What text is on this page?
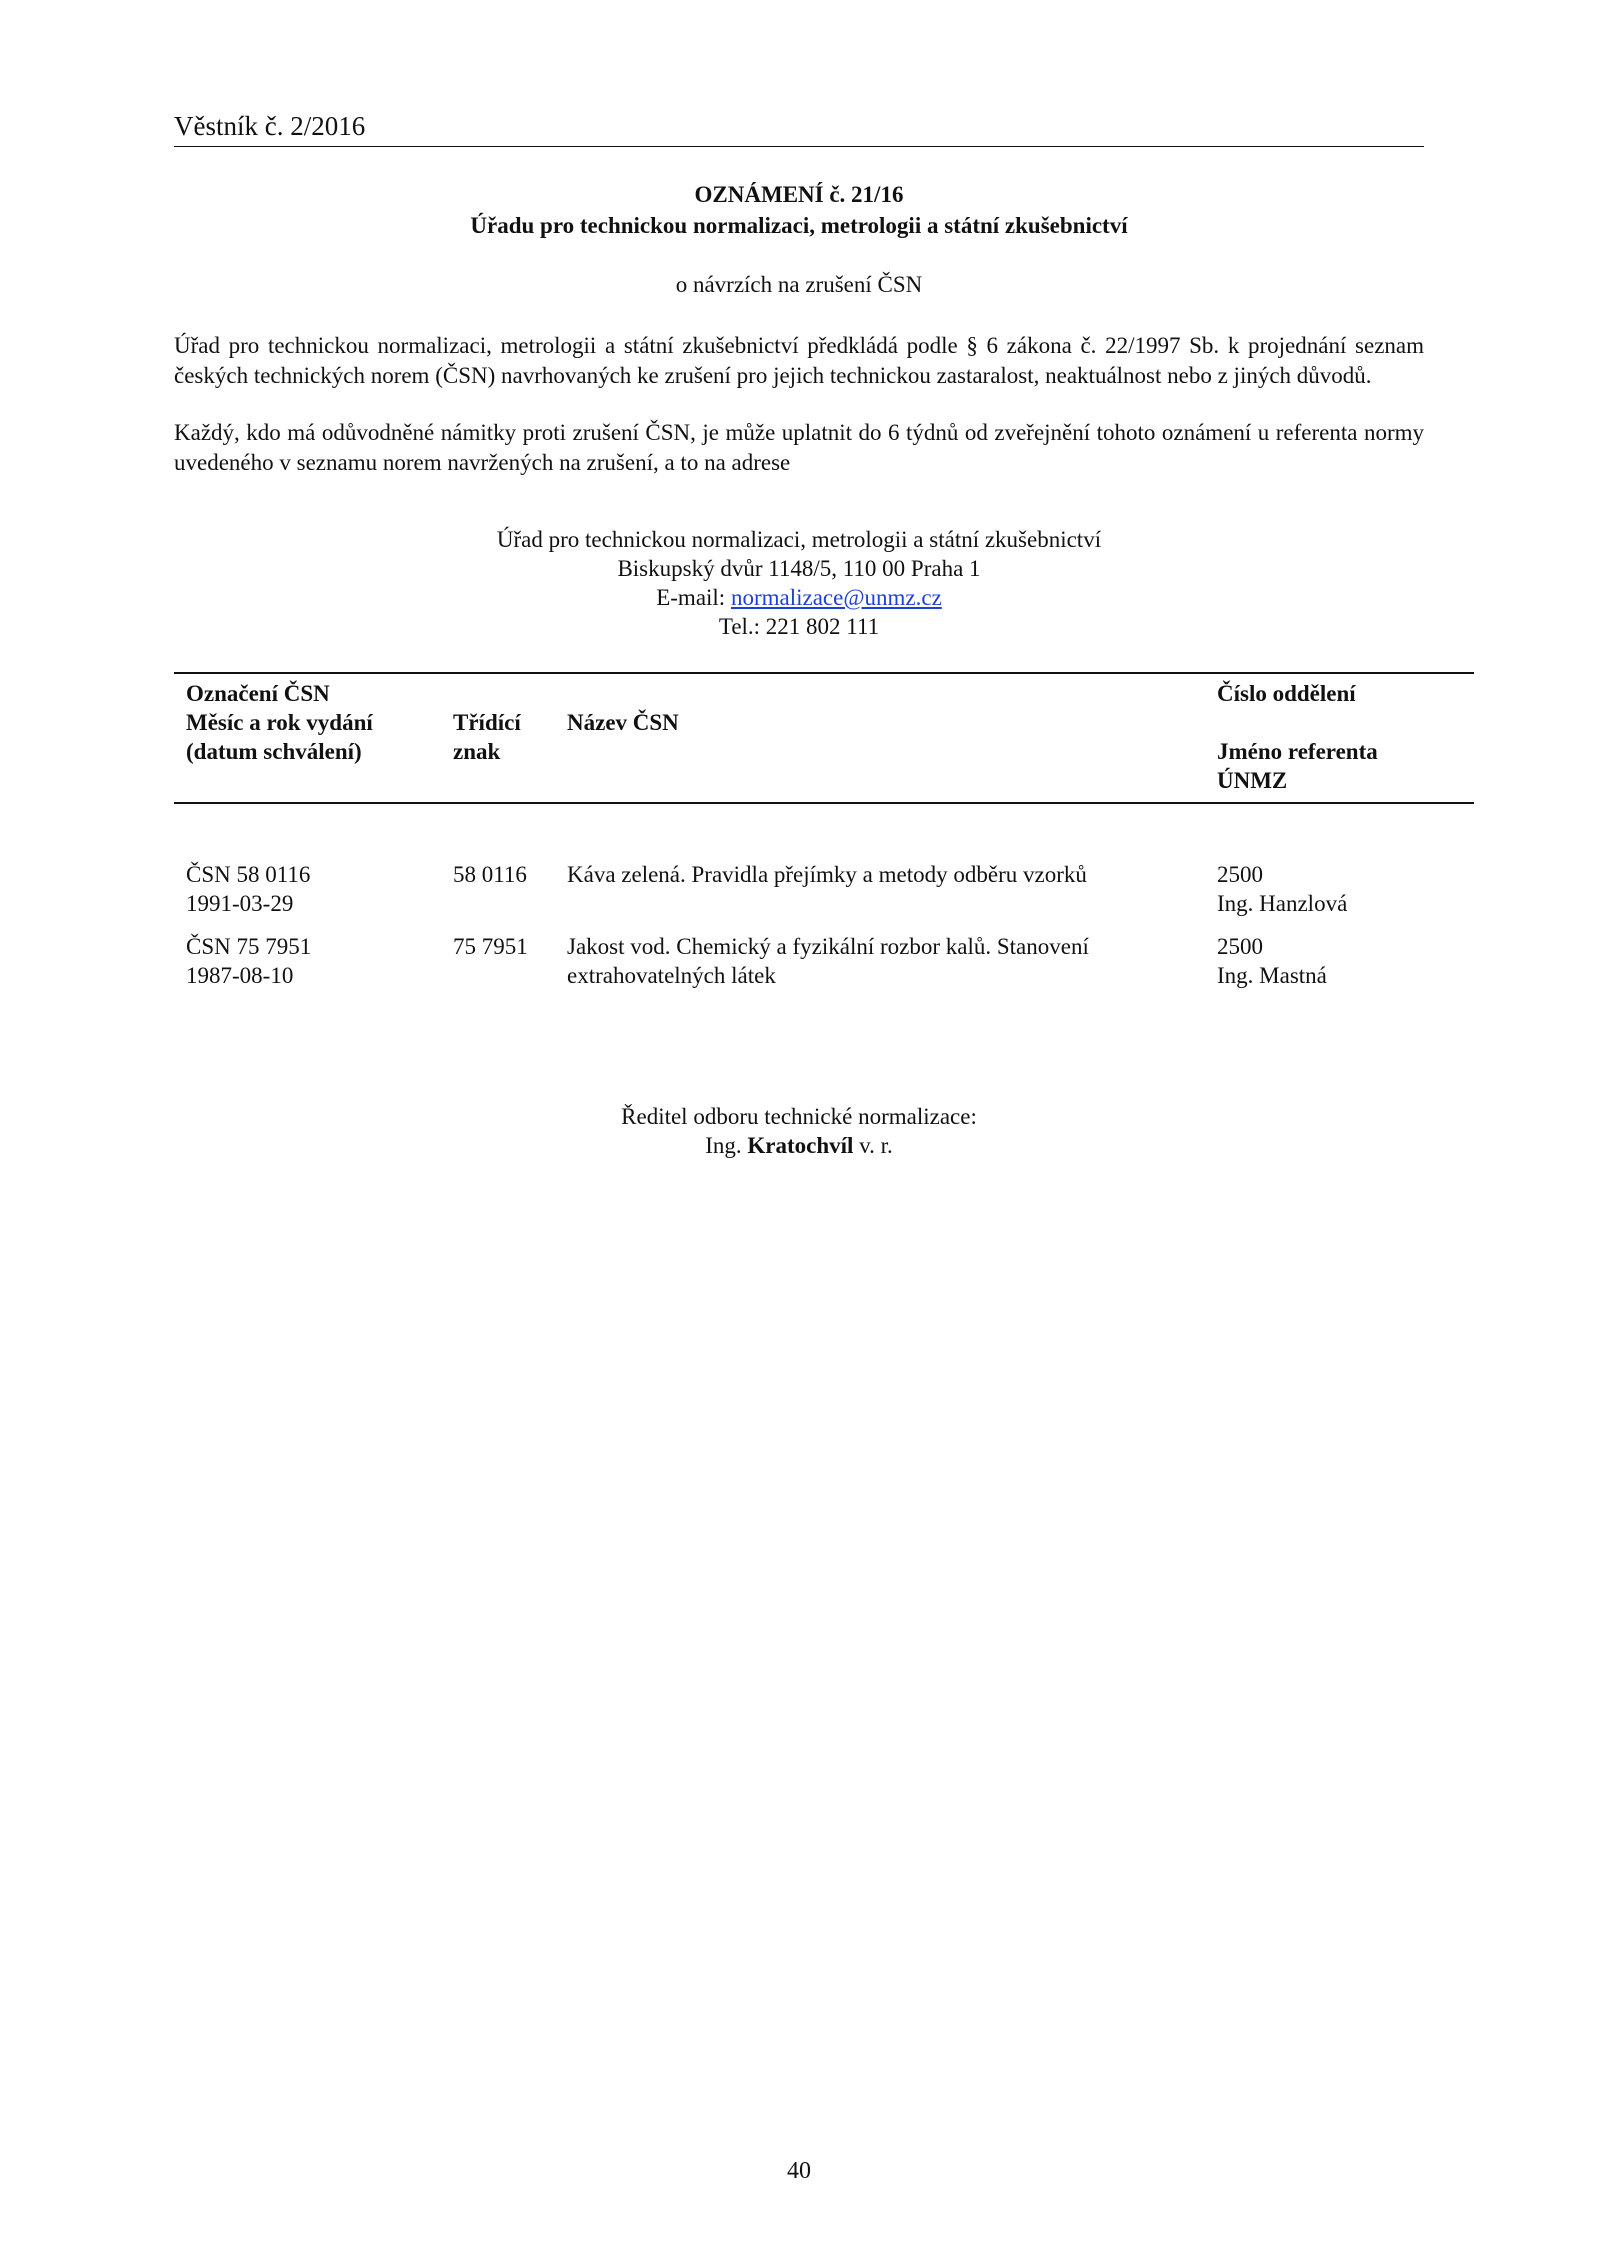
Věstník č. 2/2016
OZNÁMENÍ č. 21/16
Úřadu pro technickou normalizaci, metrologii a státní zkušebnictví
o návrzích na zrušení ČSN
Úřad pro technickou normalizaci, metrologii a státní zkušebnictví předkládá podle § 6 zákona č. 22/1997 Sb. k projednání seznam českých technických norem (ČSN) navrhovaných ke zrušení pro jejich technickou zastaralost, neaktuálnost nebo z jiných důvodů.
Každý, kdo má odůvodněné námitky proti zrušení ČSN, je může uplatnit do 6 týdnů od zveřejnění tohoto oznámení u referenta normy uvedeného v seznamu norem navržených na zrušení, a to na adrese
Úřad pro technickou normalizaci, metrologii a státní zkušebnictví
Biskupský dvůr 1148/5, 110 00 Praha 1
E-mail: normalizace@unmz.cz
Tel.: 221 802 111
Označení ČSN
Měsíc a rok vydání
(datum schválení)
Třídící
znak
Název ČSN
Číslo oddělení
Jméno referenta
ÚNMZ
ČSN 58 0116
1991-03-29
58 0116 Káva zelená. Pravidla přejímky a metody odběru vzorků	2500
Ing. Hanzlová
ČSN 75 7951
1987-08-10
75 7951 Jakost vod. Chemický a fyzikální rozbor kalů. Stanovení
extrahovatelných látek
2500
Ing. Mastná
Ředitel odboru technické normalizace:
Ing. Kratochvíl v. r.
40
